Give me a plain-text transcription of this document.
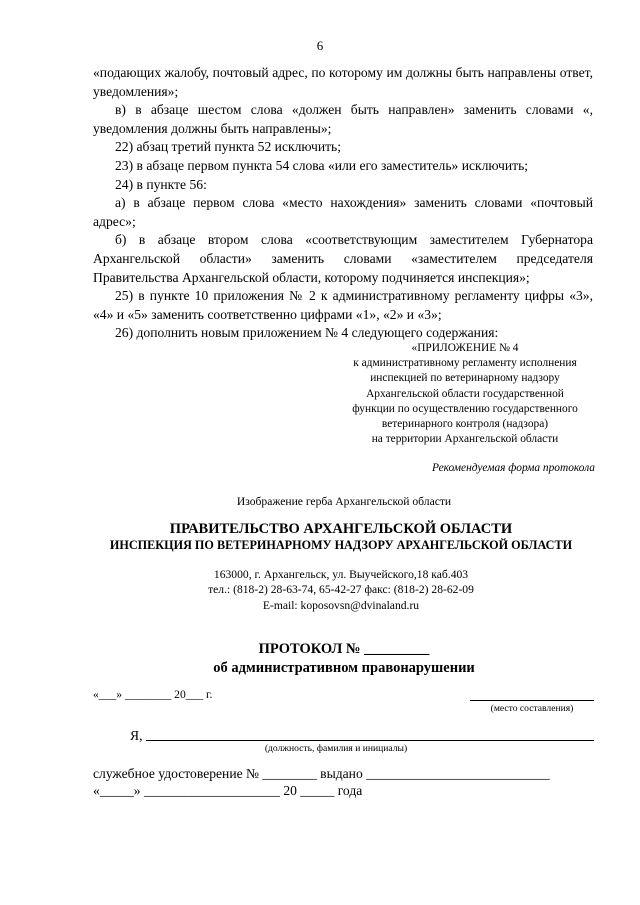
6

«подающих жалобу, почтовый адрес, по которому им должны быть направлены ответ, уведомления»;

в) в абзаце шестом слова «должен быть направлен» заменить словами «, уведомления должны быть направлены»;

22) абзац третий пункта 52 исключить;

23) в абзаце первом пункта 54 слова «или его заместитель» исключить;

24) в пункте 56:

а) в абзаце первом слова «место нахождения» заменить словами «почтовый адрес»;

б) в абзаце втором слова «соответствующим заместителем Губернатора Архангельской области» заменить словами «заместителем председателя Правительства Архангельской области, которому подчиняется инспекция»;

25) в пункте 10 приложения № 2 к административному регламенту цифры «3», «4» и «5» заменить соответственно цифрами «1», «2» и «3»;

26) дополнить новым приложением № 4 следующего содержания:

«ПРИЛОЖЕНИЕ № 4
к административному регламенту исполнения
инспекцией по ветеринарному надзору
Архангельской области государственной
функции по осуществлению государственного
ветеринарного контроля (надзора)
на территории Архангельской области
Рекомендуемая форма протокола
Изображение герба Архангельской области
ПРАВИТЕЛЬСТВО АРХАНГЕЛЬСКОЙ ОБЛАСТИ
ИНСПЕКЦИЯ ПО ВЕТЕРИНАРНОМУ НАДЗОРУ АРХАНГЕЛЬСКОЙ ОБЛАСТИ
163000, г. Архангельск, ул. Выучейского,18 каб.403
тел.: (818-2) 28-63-74, 65-42-27 факс: (818-2) 28-62-09
E-mail: koposovsn@dvinaland.ru
ПРОТОКОЛ № _________
об административном правонарушении
«___» ________ 20___ г.
(место составления)
Я,
(должность, фамилия и инициалы)
служебное удостоверение № ________ выдано ___________________________
«_____» ____________________ 20 _____ года
